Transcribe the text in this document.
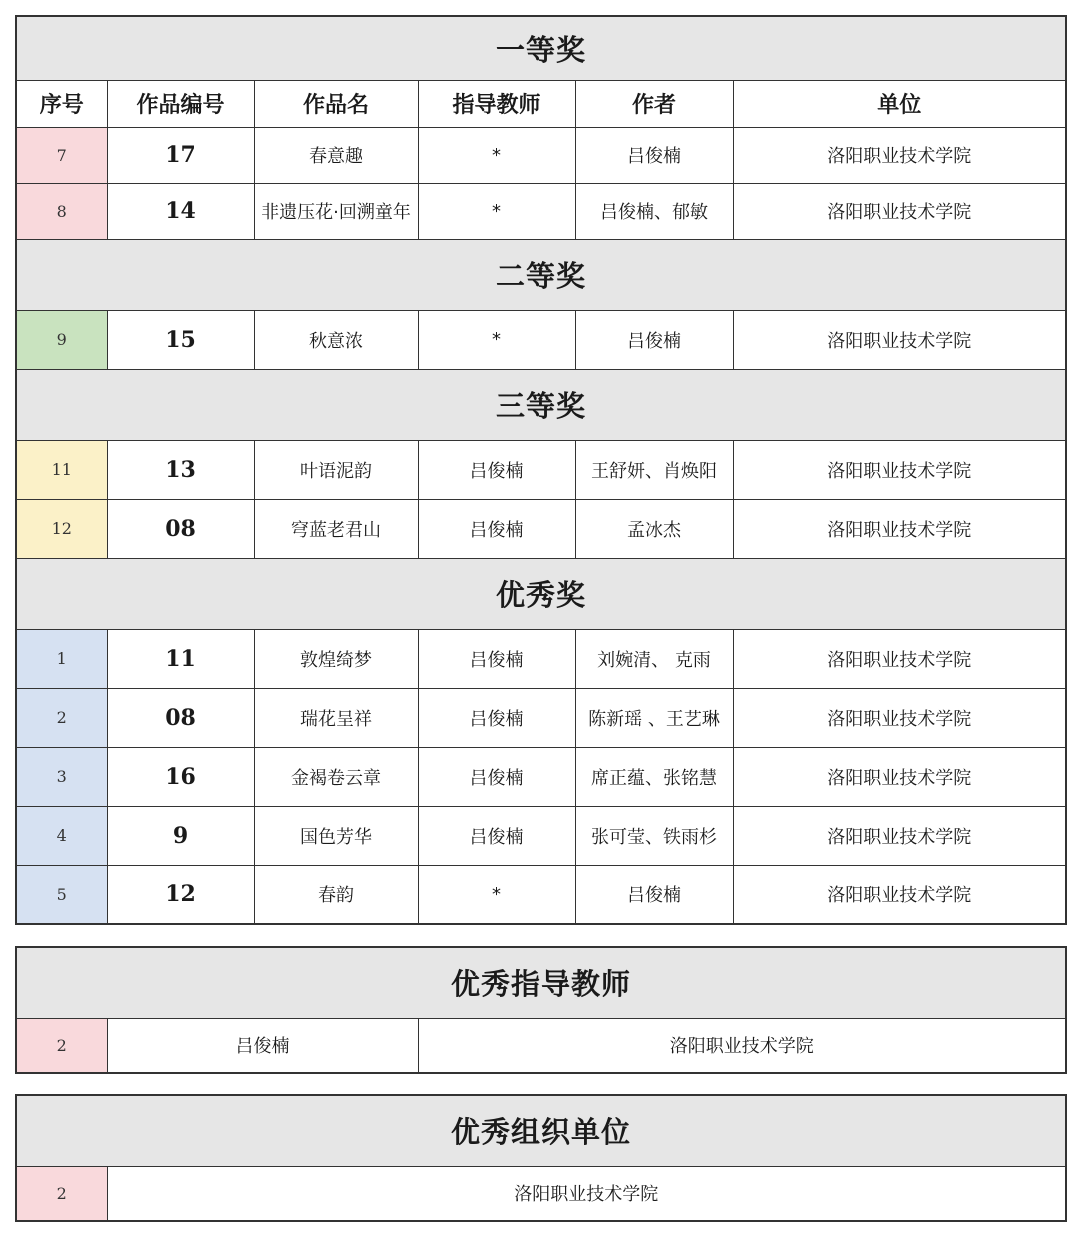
一等奖					
序号	作品编号	作品名	指导教师	作者	单位
7	17	春意趣	*	吕俊楠	洛阳职业技术学院
8	14	非遗压花·回溯童年	*	吕俊楠、郁敏	洛阳职业技术学院
二等奖					
9	15	秋意浓	*	吕俊楠	洛阳职业技术学院
三等奖					
11	13	叶语泥韵	吕俊楠	王舒妍、肖焕阳	洛阳职业技术学院
12	08	穹蓝老君山	吕俊楠	孟冰杰	洛阳职业技术学院
优秀奖					
1	11	敦煌绮梦	吕俊楠	刘婉清、 克雨	洛阳职业技术学院
2	08	瑞花呈祥	吕俊楠	陈新瑶 、王艺琳	洛阳职业技术学院
3	16	金褐卷云章	吕俊楠	席正蕴、张铭慧	洛阳职业技术学院
4	9	国色芳华	吕俊楠	张可莹、铁雨杉	洛阳职业技术学院
5	12	春韵	*	吕俊楠	洛阳职业技术学院
优秀指导教师
2	吕俊楠	洛阳职业技术学院
优秀组织单位
2	洛阳职业技术学院
